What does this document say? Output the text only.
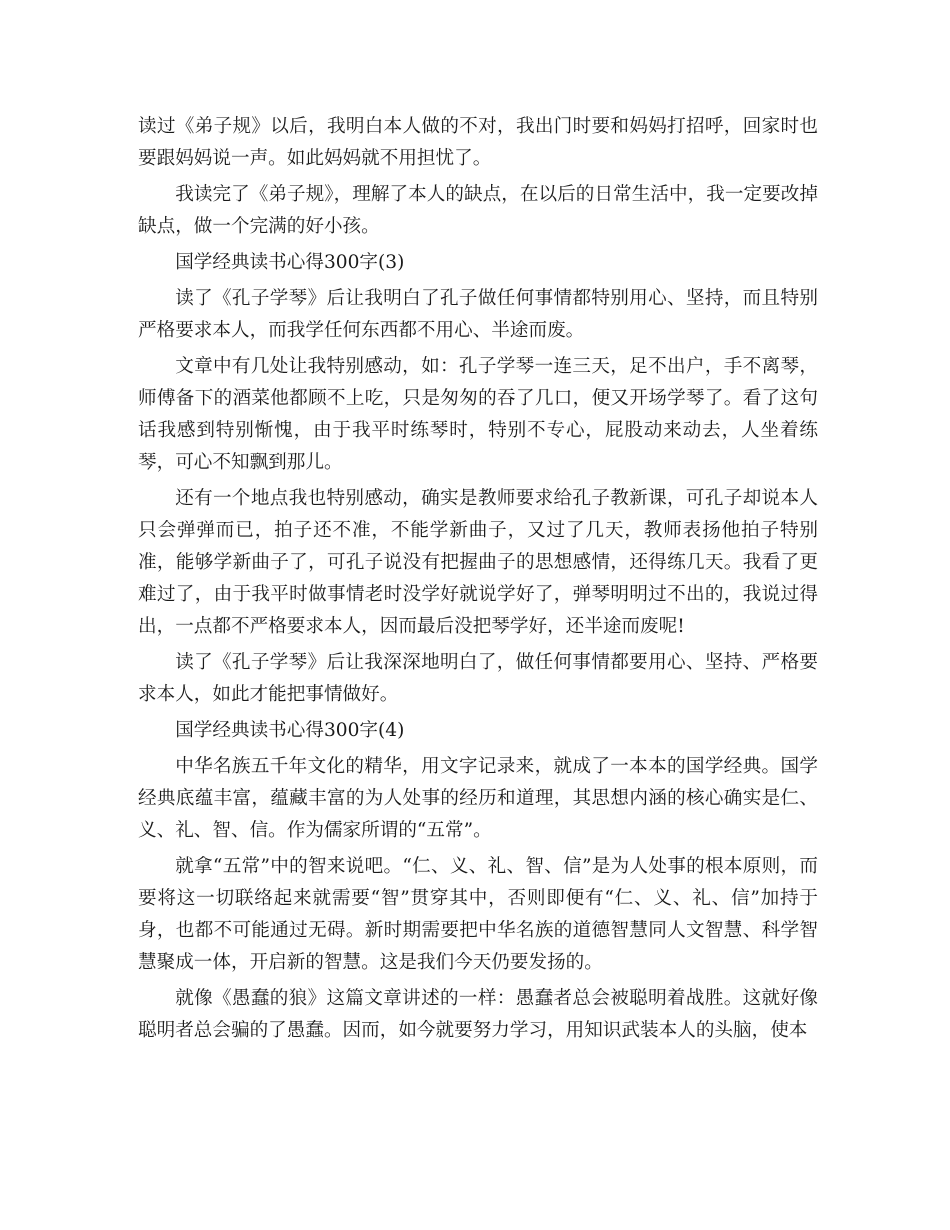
读过《弟子规》以后，我明白本人做的不对，我出门时要和妈妈打招呼，回家时也要跟妈妈说一声。如此妈妈就不用担忧了。

我读完了《弟子规》，理解了本人的缺点，在以后的日常生活中，我一定要改掉缺点，做一个完满的好小孩。

国学经典读书心得300字(3)

读了《孔子学琴》后让我明白了孔子做任何事情都特别用心、坚持，而且特别严格要求本人，而我学任何东西都不用心、半途而废。

文章中有几处让我特别感动，如：孔子学琴一连三天，足不出户，手不离琴，师傅备下的酒菜他都顾不上吃，只是匆匆的吞了几口，便又开场学琴了。看了这句话我感到特别惭愧，由于我平时练琴时，特别不专心，屁股动来动去，人坐着练琴，可心不知飘到那儿。

还有一个地点我也特别感动，确实是教师要求给孔子教新课，可孔子却说本人只会弹弹而已，拍子还不准，不能学新曲子，又过了几天，教师表扬他拍子特别准，能够学新曲子了，可孔子说没有把握曲子的思想感情，还得练几天。我看了更难过了，由于我平时做事情老时没学好就说学好了，弹琴明明过不出的，我说过得出，一点都不严格要求本人，因而最后没把琴学好，还半途而废呢!

读了《孔子学琴》后让我深深地明白了，做任何事情都要用心、坚持、严格要求本人，如此才能把事情做好。

国学经典读书心得300字(4)

中华名族五千年文化的精华，用文字记录来，就成了一本本的国学经典。国学经典底蕴丰富，蕴藏丰富的为人处事的经历和道理，其思想内涵的核心确实是仁、义、礼、智、信。作为儒家所谓的“五常”。

就拿“五常”中的智来说吧。“仁、义、礼、智、信”是为人处事的根本原则，而要将这一切联络起来就需要“智”贯穿其中，否则即便有“仁、义、礼、信”加持于身，也都不可能通过无碍。新时期需要把中华名族的道德智慧同人文智慧、科学智慧聚成一体，开启新的智慧。这是我们今天仍要发扬的。

就像《愚蠢的狼》这篇文章讲述的一样：愚蠢者总会被聪明着战胜。这就好像聪明者总会骗的了愚蠢。因而，如今就要努力学习，用知识武装本人的头脑，使本
